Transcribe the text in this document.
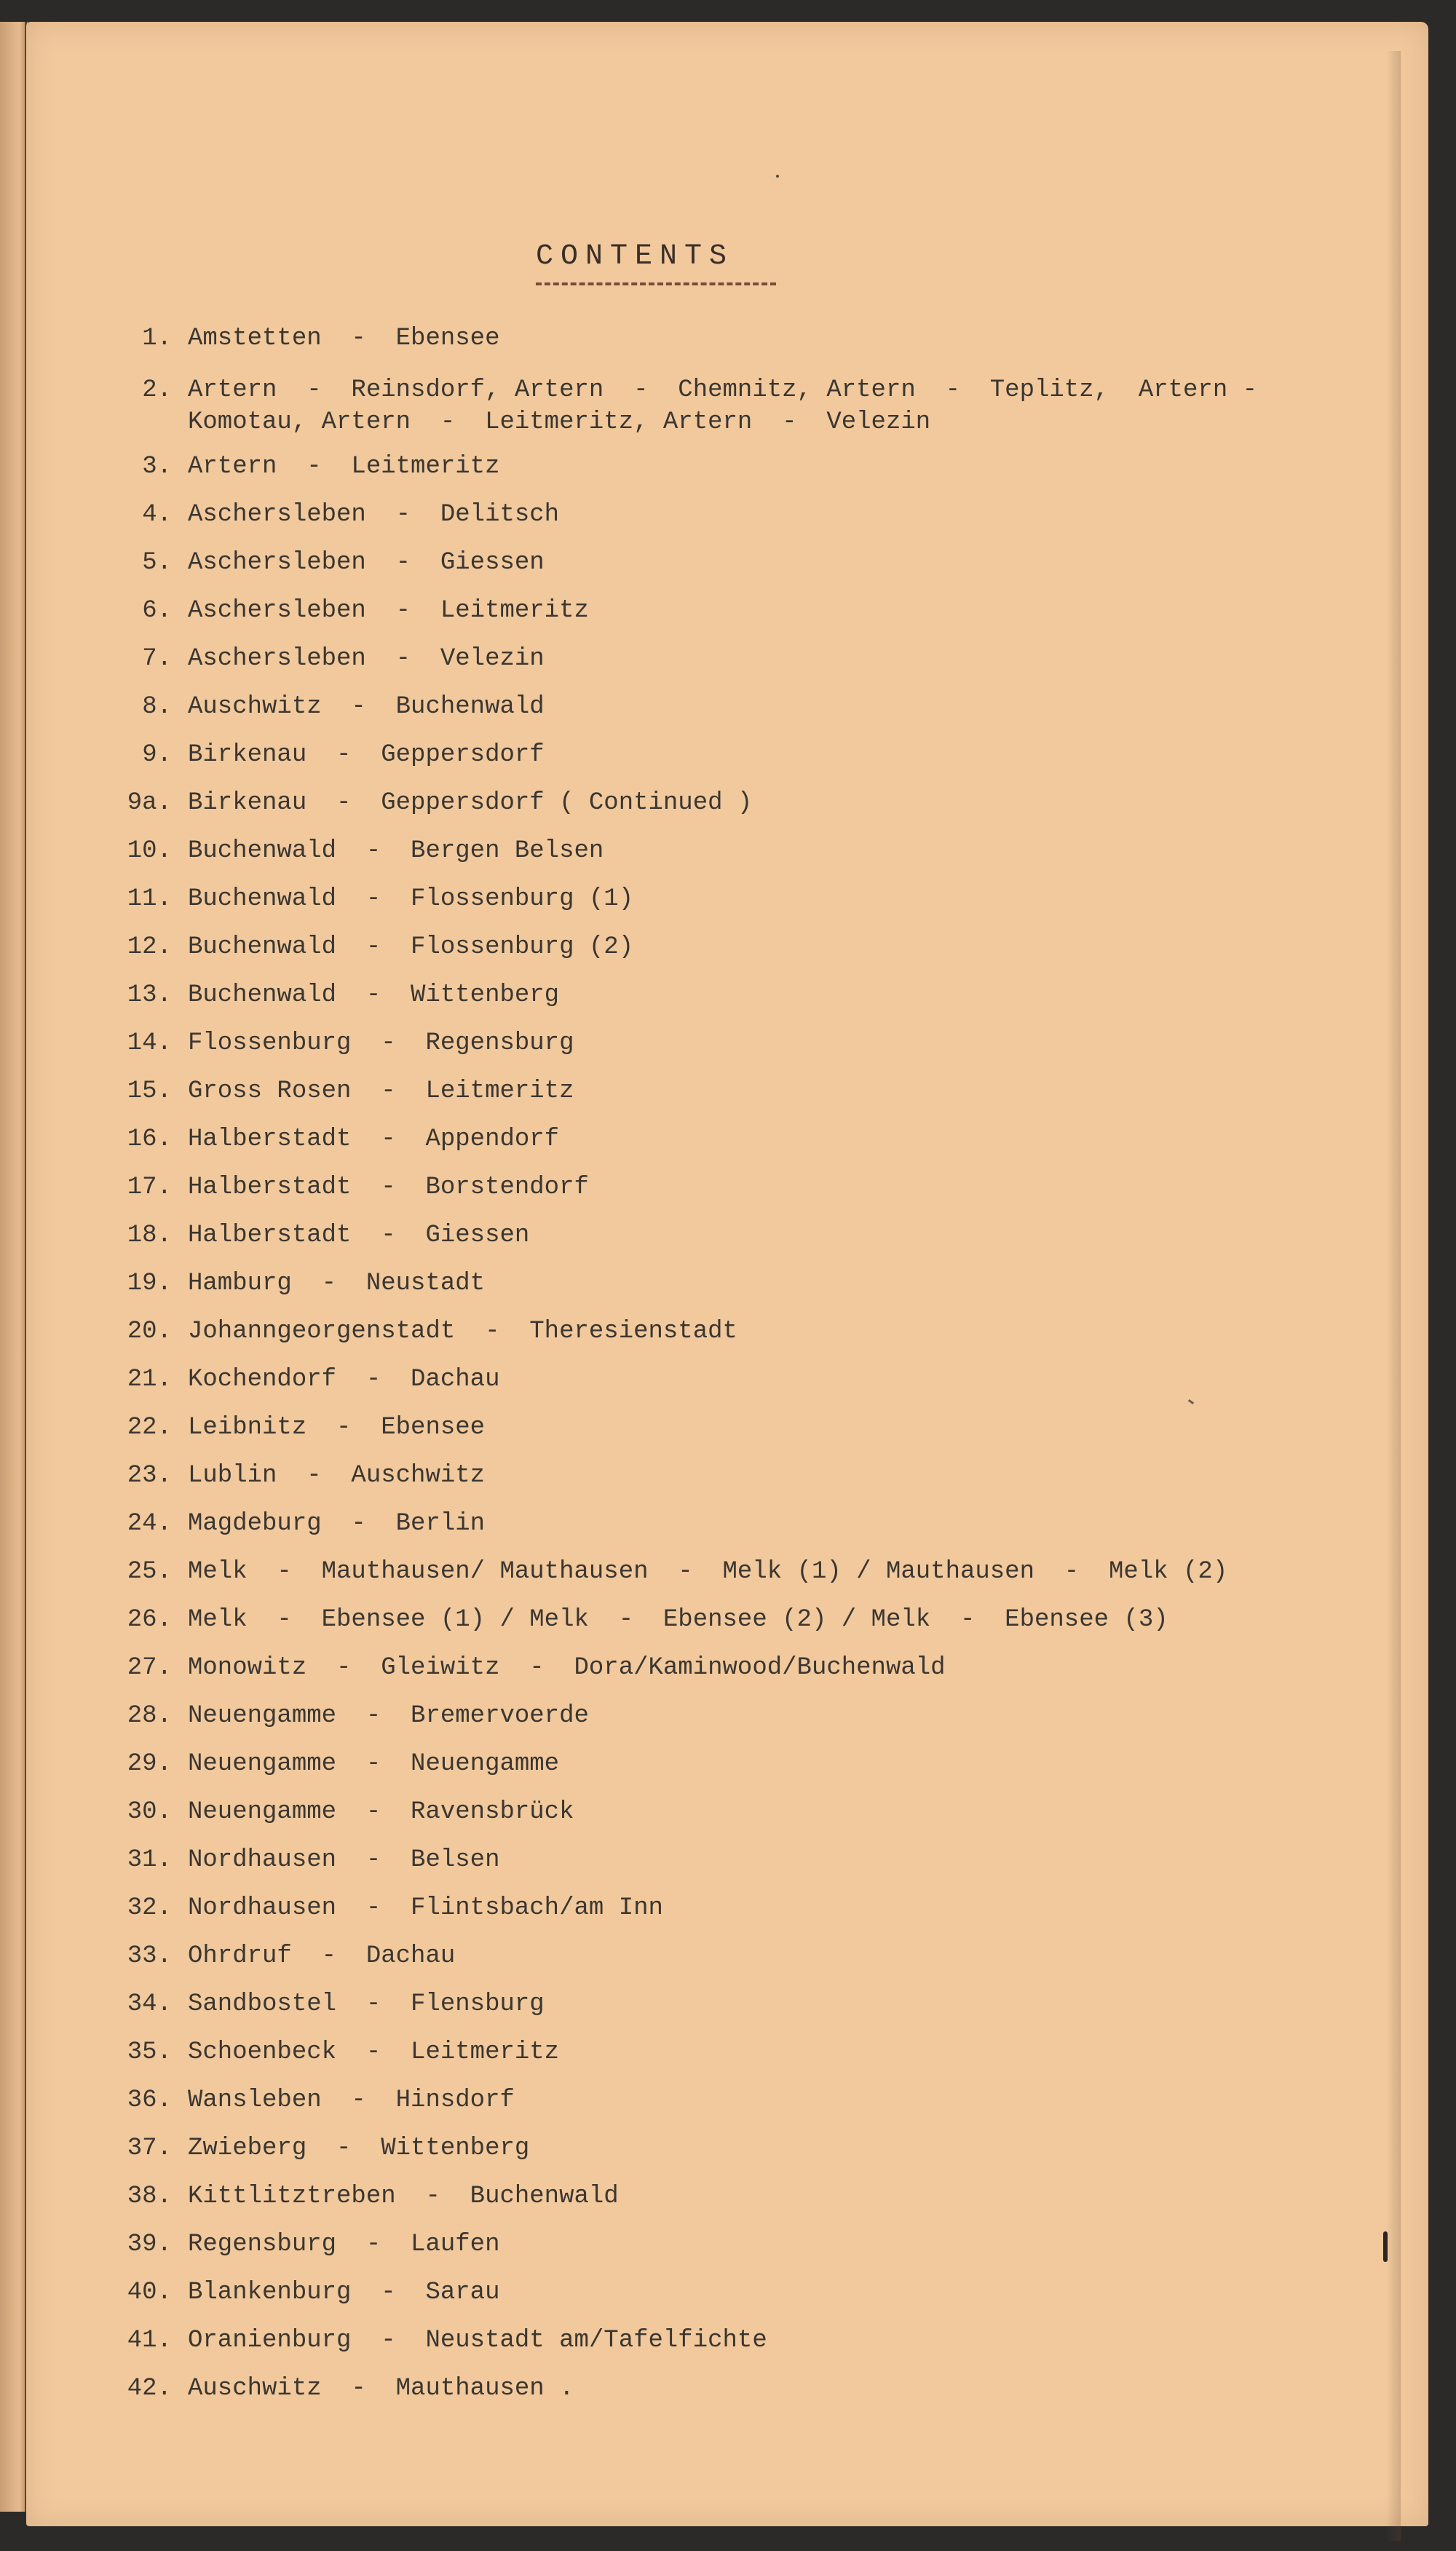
CONTENTS
1. Amstetten  -  Ebensee
2. Artern  -  Reinsdorf, Artern  -  Chemnitz, Artern  -  Teplitz,  Artern -
Komotau, Artern  -  Leitmeritz, Artern  -  Velezin
3. Artern  -  Leitmeritz
4. Aschersleben  -  Delitsch
5. Aschersleben  -  Giessen
6. Aschersleben  -  Leitmeritz
7. Aschersleben  -  Velezin
8. Auschwitz  -  Buchenwald
9. Birkenau  -  Geppersdorf
9a. Birkenau  -  Geppersdorf ( Continued )
10. Buchenwald  -  Bergen Belsen
11. Buchenwald  -  Flossenburg (1)
12. Buchenwald  -  Flossenburg (2)
13. Buchenwald  -  Wittenberg
14. Flossenburg  -  Regensburg
15. Gross Rosen  -  Leitmeritz
16. Halberstadt  -  Appendorf
17. Halberstadt  -  Borstendorf
18. Halberstadt  -  Giessen
19. Hamburg  -  Neustadt
20. Johanngeorgenstadt  -  Theresienstadt
21. Kochendorf  -  Dachau
22. Leibnitz  -  Ebensee
23. Lublin  -  Auschwitz
24. Magdeburg  -  Berlin
25. Melk  -  Mauthausen/ Mauthausen  -  Melk (1) / Mauthausen  -  Melk (2)
26. Melk  -  Ebensee (1) / Melk  -  Ebensee (2) / Melk  -  Ebensee (3)
27. Monowitz  -  Gleiwitz  -  Dora/Kaminwood/Buchenwald
28. Neuengamme  -  Bremervoerde
29. Neuengamme  -  Neuengamme
30. Neuengamme  -  Ravensbrück
31. Nordhausen  -  Belsen
32. Nordhausen  -  Flintsbach/am Inn
33. Ohrdruf  -  Dachau
34. Sandbostel  -  Flensburg
35. Schoenbeck  -  Leitmeritz
36. Wansleben  -  Hinsdorf
37. Zwieberg  -  Wittenberg
38. Kittlitztreben  -  Buchenwald
39. Regensburg  -  Laufen
40. Blankenburg  -  Sarau
41. Oranienburg  -  Neustadt am/Tafelfichte
42. Auschwitz  -  Mauthausen .
